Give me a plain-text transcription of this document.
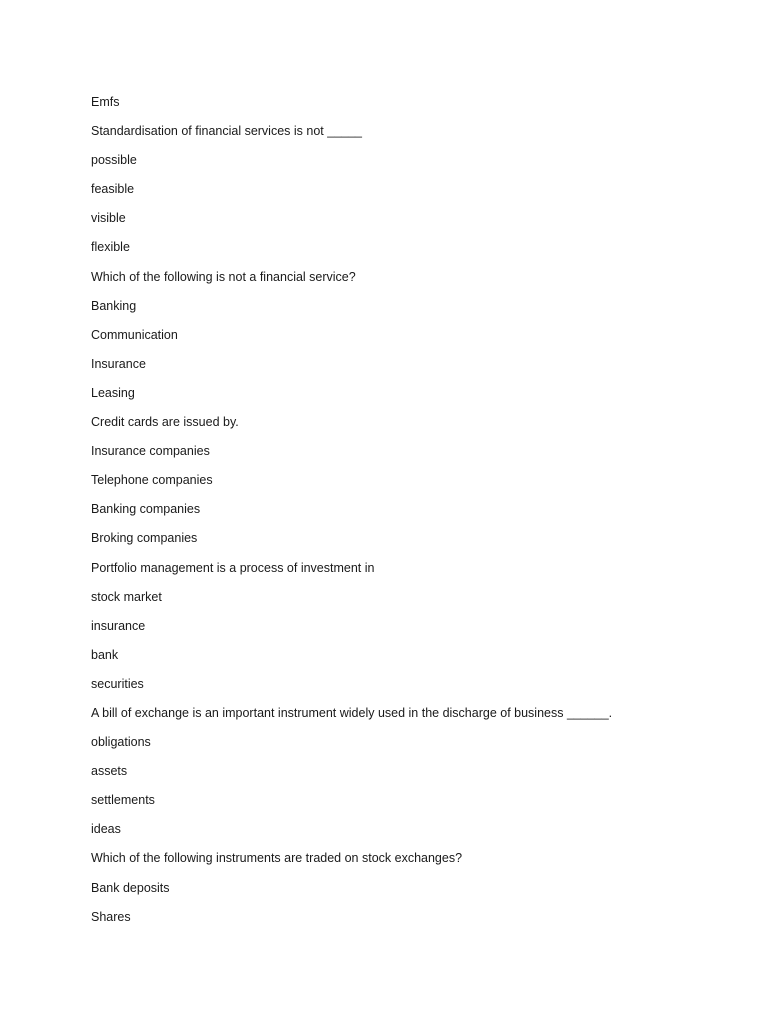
Emfs
Standardisation of financial services is not _____
possible
feasible
visible
flexible
Which of the following is not a financial service?
Banking
Communication
Insurance
Leasing
Credit cards are issued by.
Insurance companies
Telephone companies
Banking companies
Broking companies
Portfolio management is a process of investment in
stock market
insurance
bank
securities
A bill of exchange is an important instrument widely used in the discharge of business ______.
obligations
assets
settlements
ideas
Which of the following instruments are traded on stock exchanges?
Bank deposits
Shares
